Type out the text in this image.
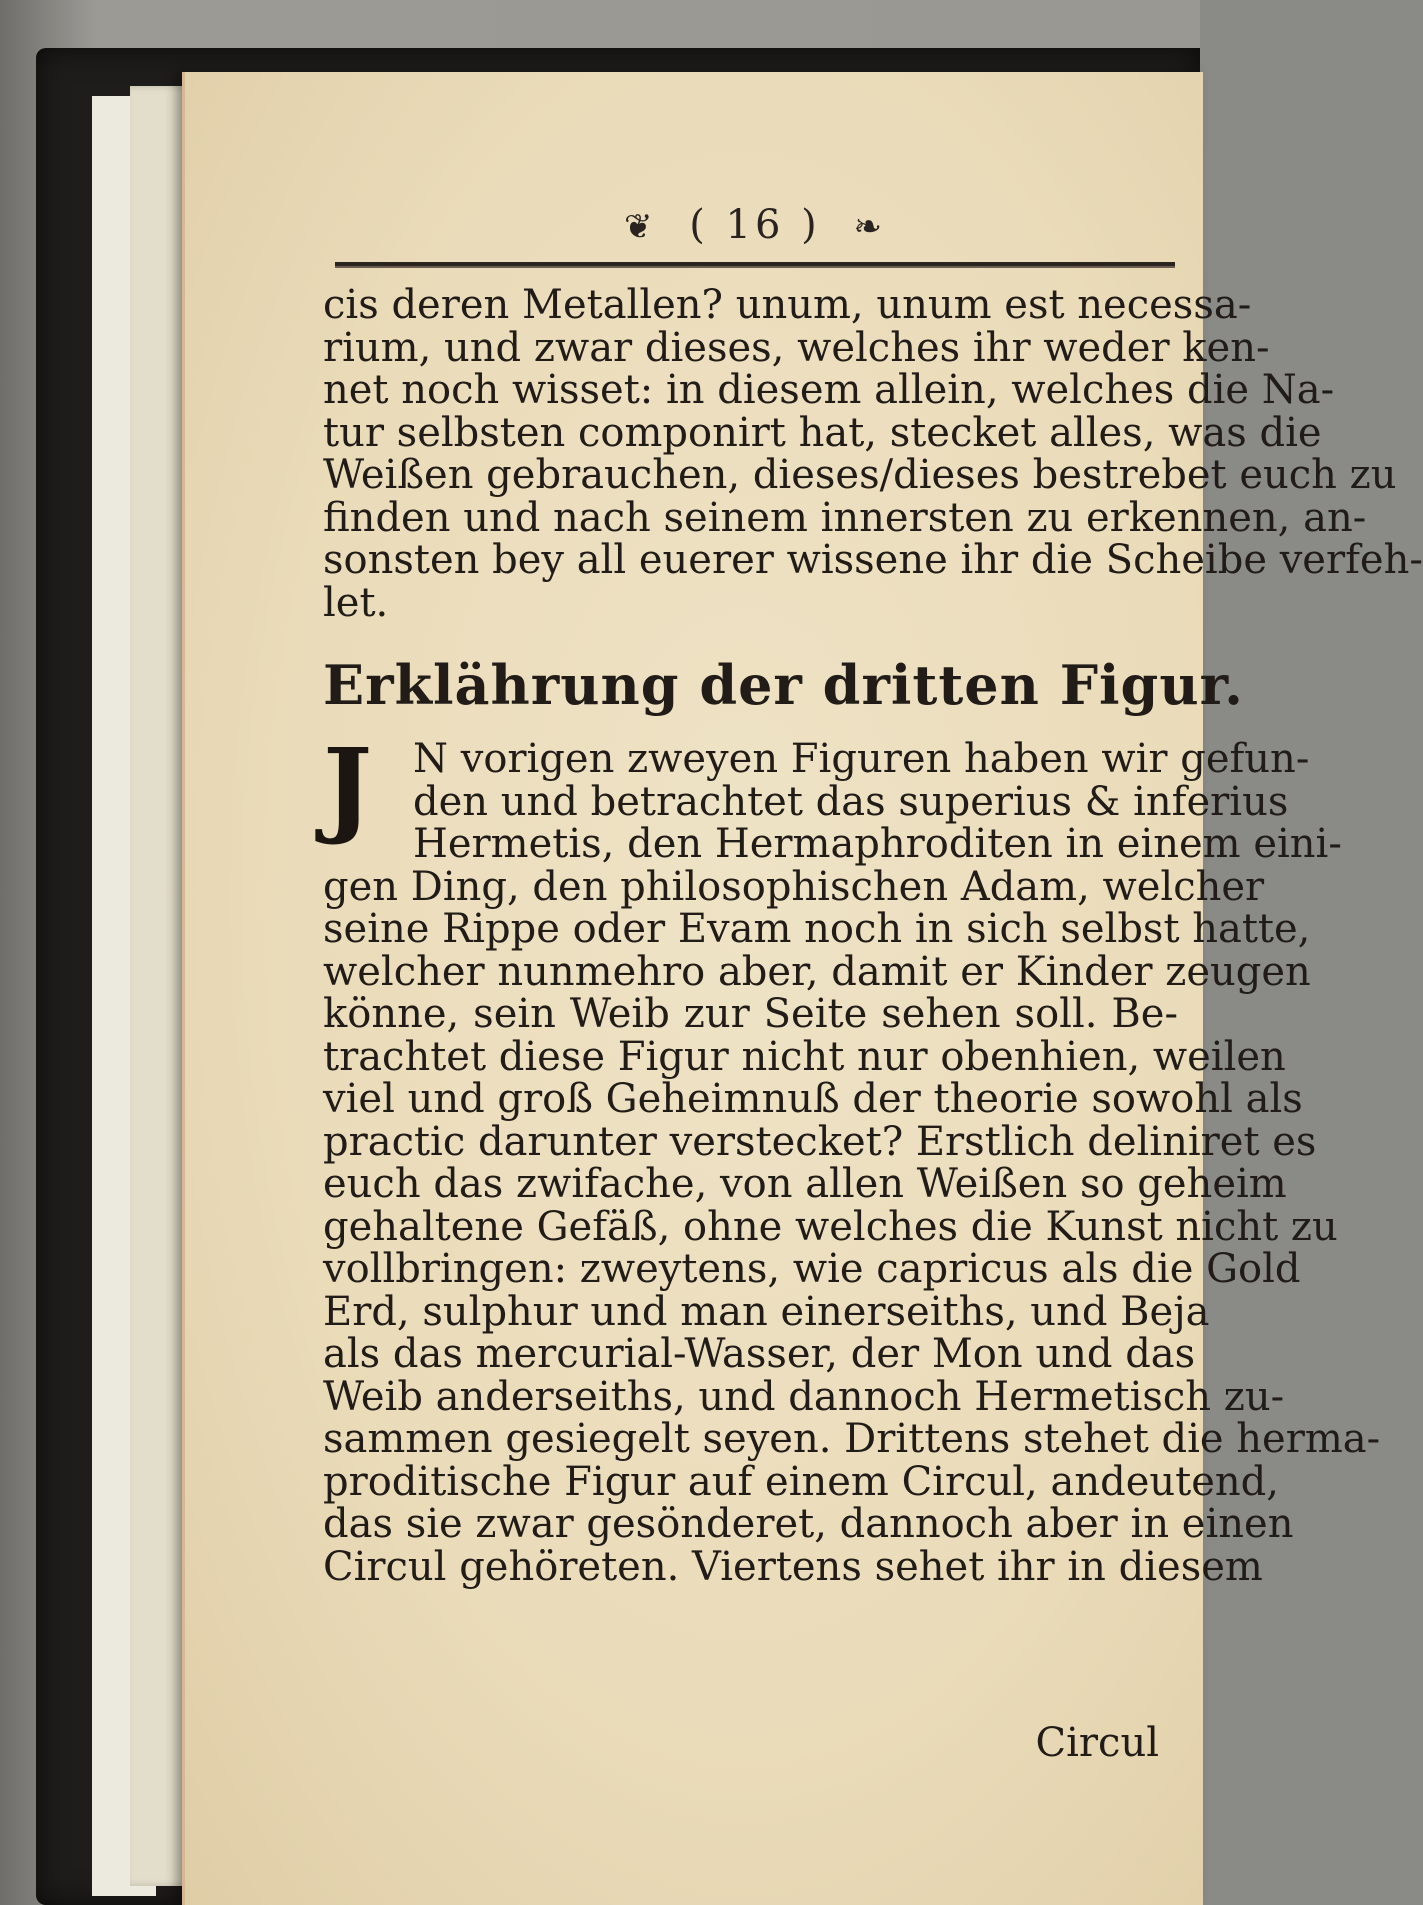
❦ ( 16 ) ❧
cis deren Metallen? unum, unum est necessa-
rium, und zwar dieses, welches ihr weder ken-
net noch wisset: in diesem allein, welches die Na-
tur selbsten componirt hat, stecket alles, was die
Weißen gebrauchen, dieses/dieses bestrebet euch zu
finden und nach seinem innersten zu erkennen, an-
sonsten bey all euerer wissene ihr die Scheibe verfeh-
let.
Erklährung der dritten Figur.
J	N vorigen zweyen Figuren haben wir gefun-
den und betrachtet das superius & inferius
Hermetis, den Hermaphroditen in einem eini-
gen Ding, den philosophischen Adam, welcher
seine Rippe oder Evam noch in sich selbst hatte,
welcher nunmehro aber, damit er Kinder zeugen
könne, sein Weib zur Seite sehen soll. Be-
trachtet diese Figur nicht nur obenhien, weilen
viel und groß Geheimnuß der theorie sowohl als
practic darunter verstecket? Erstlich deliniret es
euch das zwifache, von allen Weißen so geheim
gehaltene Gefäß, ohne welches die Kunst nicht zu
vollbringen: zweytens, wie capricus als die Gold
Erd, sulphur und man einerseiths, und Beja
als das mercurial-Wasser, der Mon und das
Weib anderseiths, und dannoch Hermetisch zu-
sammen gesiegelt seyen. Drittens stehet die herma-
proditische Figur auf einem Circul, andeutend,
das sie zwar gesönderet, dannoch aber in einen
Circul gehöreten. Viertens sehet ihr in diesem
Circul
